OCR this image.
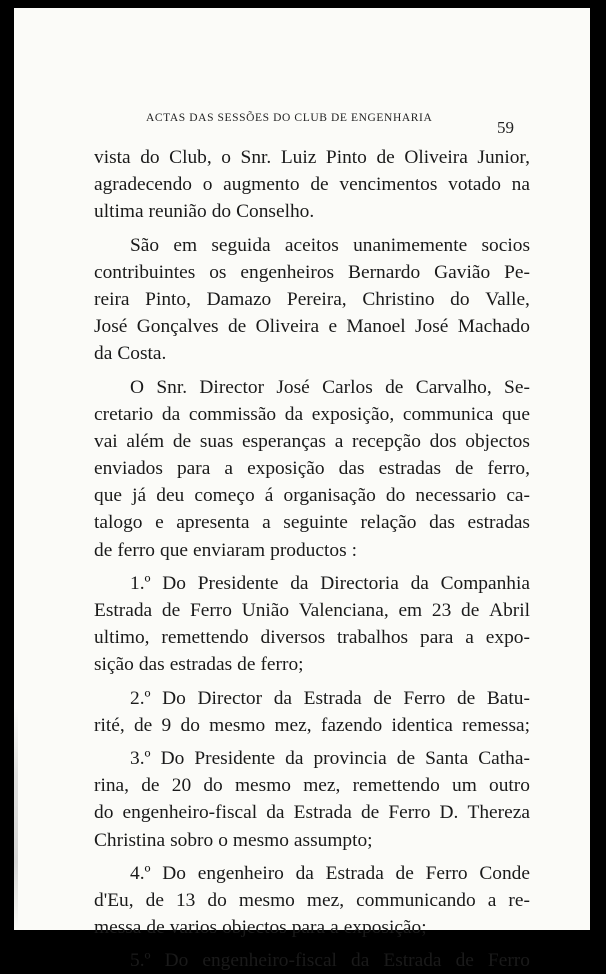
ACTAS DAS SESSÕES DO CLUB DE ENGENHARIA	59
vista do Club, o Snr. Luiz Pinto de Oliveira Junior,
agradecendo o augmento de vencimentos votado na
ultima reunião do Conselho.
São em seguida aceitos unanimemente socios
contribuintes os engenheiros Bernardo Gavião Pe-
reira Pinto, Damazo Pereira, Christino do Valle,
José Gonçalves de Oliveira e Manoel José Machado
da Costa.
O Snr. Director José Carlos de Carvalho, Se-
cretario da commissão da exposição, communica que
vai além de suas esperanças a recepção dos objectos
enviados para a exposição das estradas de ferro,
que já deu começo á organisação do necessario ca-
talogo e apresenta a seguinte relação das estradas
de ferro que enviaram productos :
1.º Do Presidente da Directoria da Companhia
Estrada de Ferro União Valenciana, em 23 de Abril
ultimo, remettendo diversos trabalhos para a expo-
sição das estradas de ferro;
2.º Do Director da Estrada de Ferro de Batu-
rité, de 9 do mesmo mez, fazendo identica remessa;
3.º Do Presidente da provincia de Santa Catha-
rina, de 20 do mesmo mez, remettendo um outro
do engenheiro-fiscal da Estrada de Ferro D. Thereza
Christina sobro o mesmo assumpto;
4.º Do engenheiro da Estrada de Ferro Conde
d'Eu, de 13 do mesmo mez, communicando a re-
messa de varios objectos para a exposição;
5.º Do engenheiro-fiscal da Estrada de Ferro
